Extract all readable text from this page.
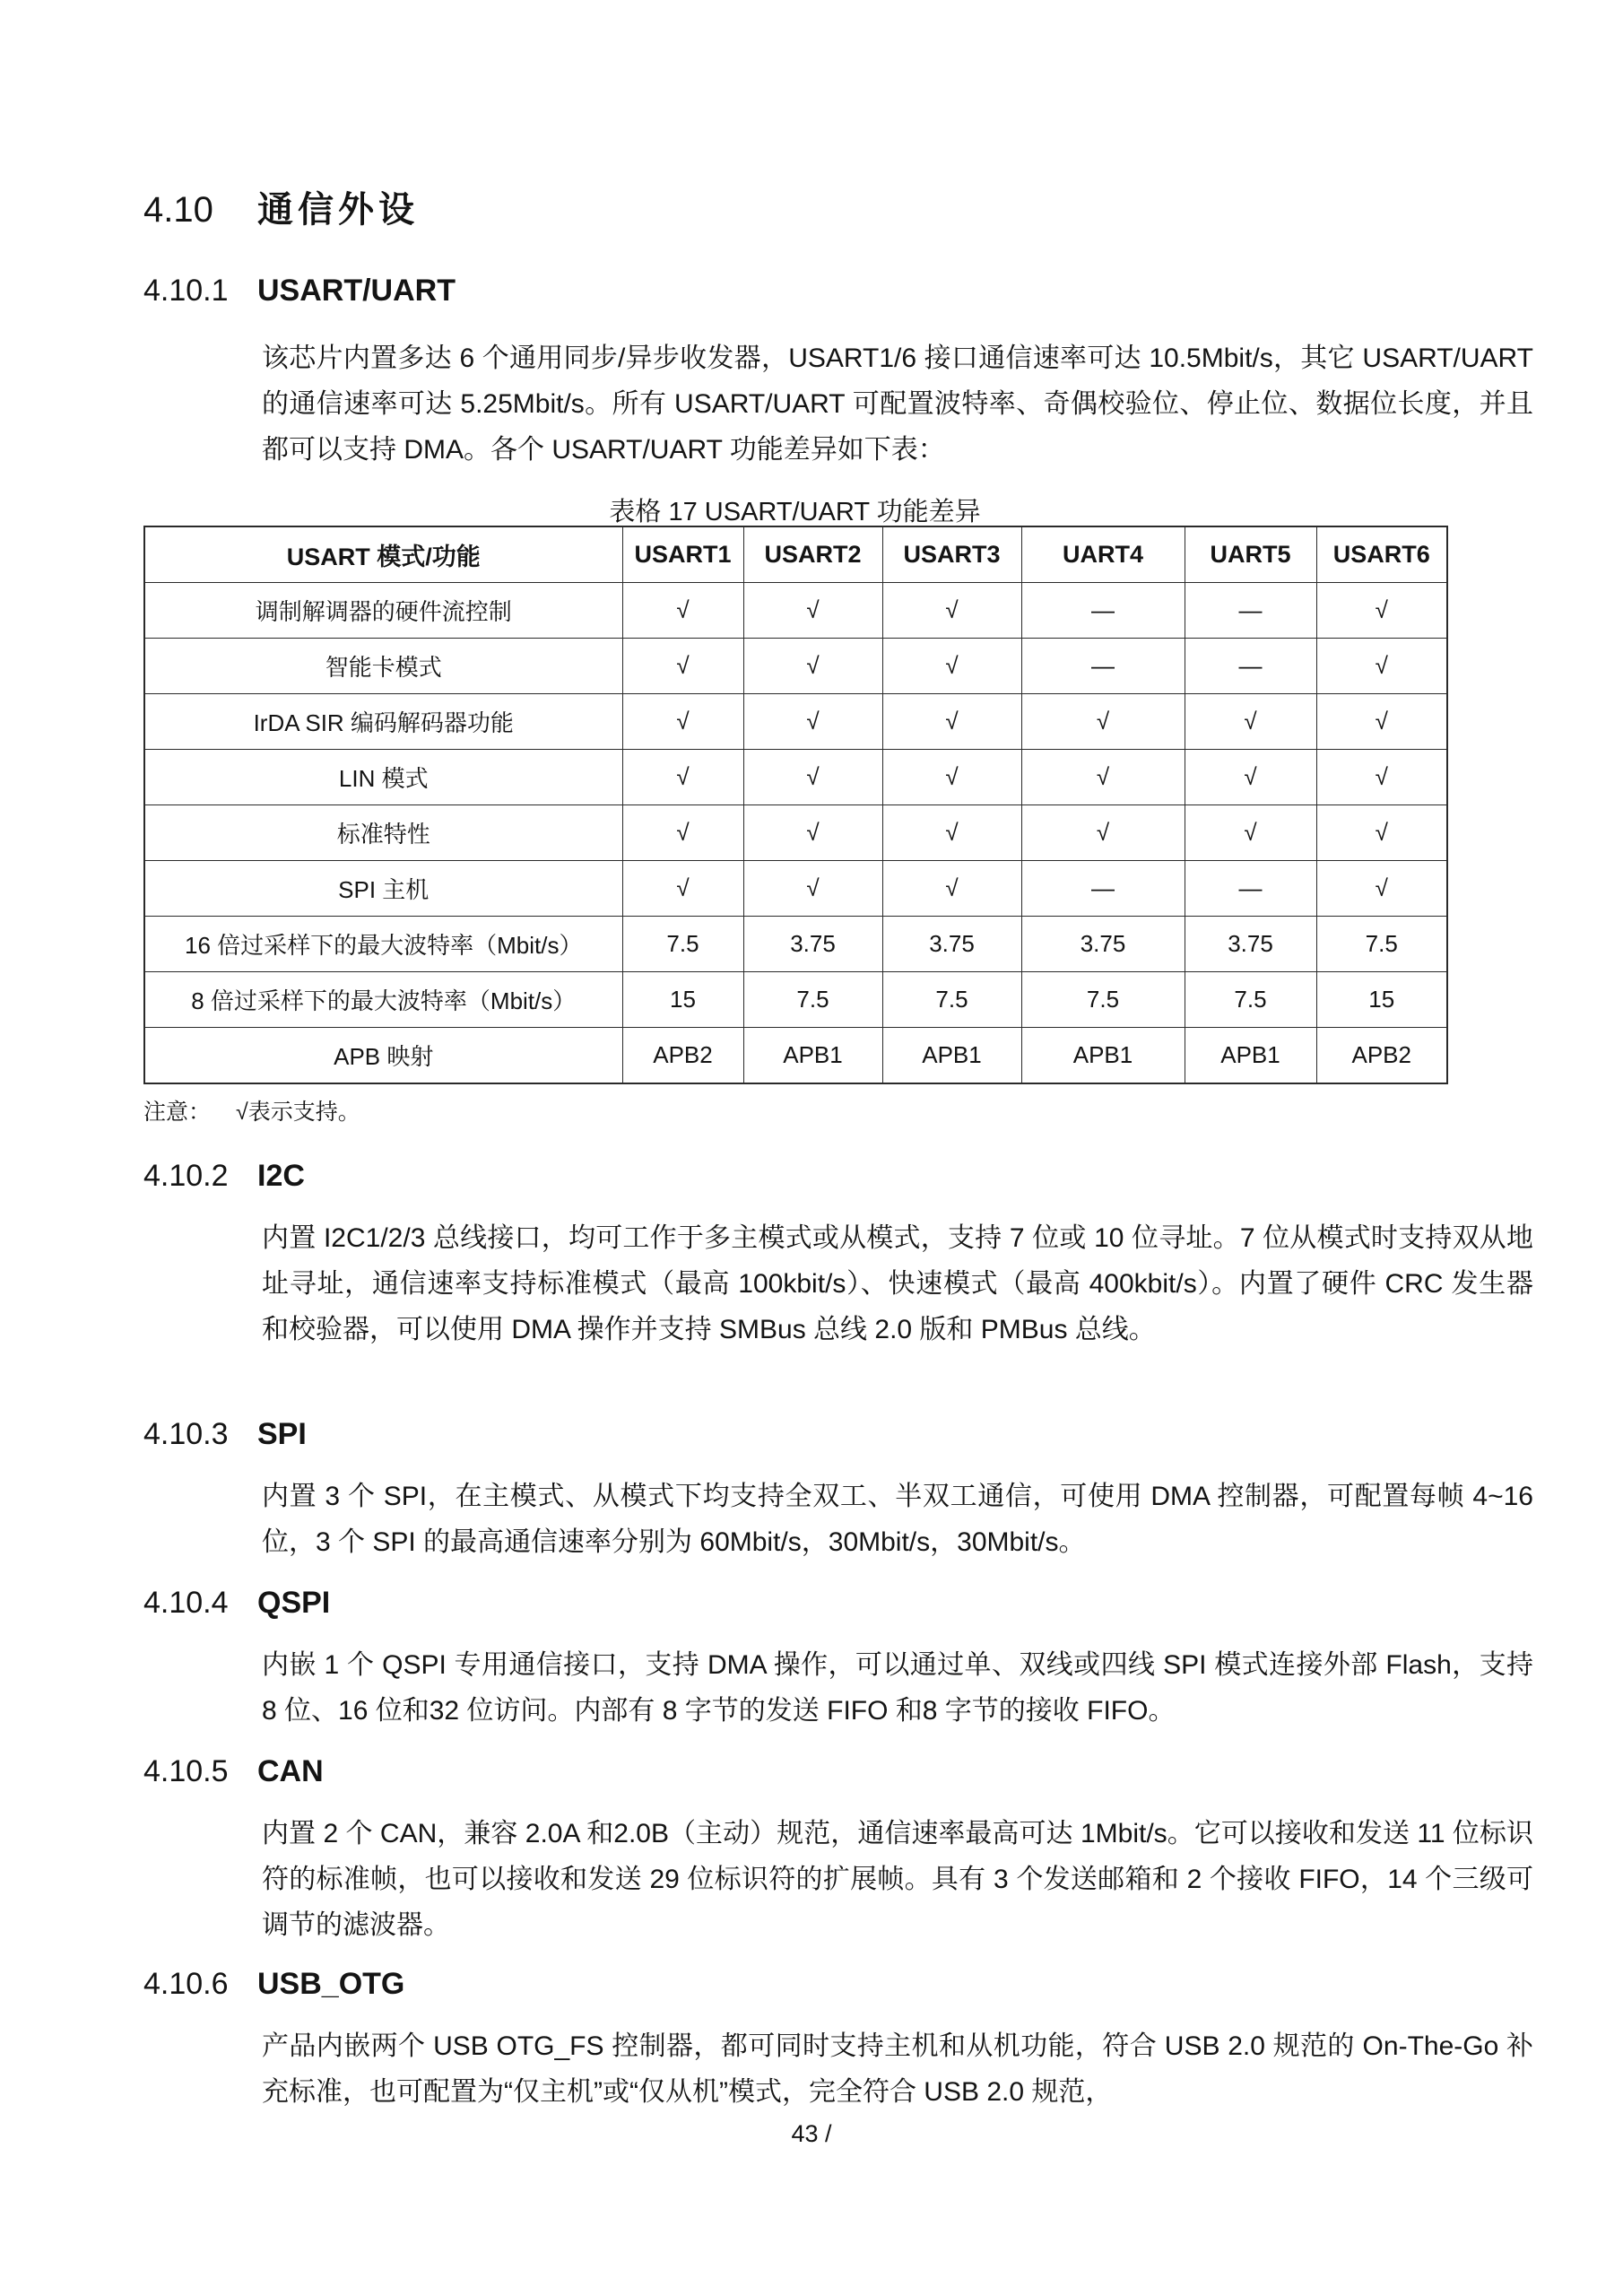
4.10	通信外设
4.10.1 USART/UART
该芯片内置多达 6 个通用同步/异步收发器，USART1/6 接口通信速率可达 10.5Mbit/s，其它 USART/UART 的通信速率可达 5.25Mbit/s。所有 USART/UART 可配置波特率、奇偶校验位、停止位、数据位长度，并且都可以支持 DMA。各个 USART/UART 功能差异如下表：
表格 17 USART/UART 功能差异
USART 模式/功能	USART1	USART2	USART3	UART4	UART5	USART6
调制解调器的硬件流控制	√	√	√	—	—	√
智能卡模式	√	√	√	—	—	√
IrDA SIR 编码解码器功能	√	√	√	√	√	√
LIN 模式	√	√	√	√	√	√
标准特性	√	√	√	√	√	√
SPI 主机	√	√	√	—	—	√
16 倍过采样下的最大波特率（Mbit/s）	7.5	3.75	3.75	3.75	3.75	7.5
8 倍过采样下的最大波特率（Mbit/s）	15	7.5	7.5	7.5	7.5	15
APB 映射	APB2	APB1	APB1	APB1	APB1	APB2
注意： √表示支持。
4.10.2 I2C
内置 I2C1/2/3 总线接口，均可工作于多主模式或从模式，支持 7 位或 10 位寻址。7 位从模式时支持双从地址寻址，通信速率支持标准模式（最高 100kbit/s）、快速模式（最高 400kbit/s）。内置了硬件 CRC 发生器和校验器，可以使用 DMA 操作并支持 SMBus 总线 2.0 版和 PMBus 总线。
4.10.3 SPI
内置 3 个 SPI，在主模式、从模式下均支持全双工、半双工通信，可使用 DMA 控制器，可配置每帧 4~16 位，3 个 SPI 的最高通信速率分别为 60Mbit/s，30Mbit/s，30Mbit/s。
4.10.4 QSPI
内嵌 1 个 QSPI 专用通信接口，支持 DMA 操作，可以通过单、双线或四线 SPI 模式连接外部 Flash，支持 8 位、16 位和32 位访问。内部有 8 字节的发送 FIFO 和8 字节的接收 FIFO。
4.10.5 CAN
内置 2 个 CAN，兼容 2.0A 和2.0B（主动）规范，通信速率最高可达 1Mbit/s。它可以接收和发送 11 位标识符的标准帧，也可以接收和发送 29 位标识符的扩展帧。具有 3 个发送邮箱和 2 个接收 FIFO，14 个三级可调节的滤波器。
4.10.6 USB_OTG
产品内嵌两个 USB OTG_FS 控制器，都可同时支持主机和从机功能，符合 USB 2.0 规范的 On-The-Go 补充标准，也可配置为“仅主机”或“仅从机”模式，完全符合 USB 2.0 规范，
43 /
